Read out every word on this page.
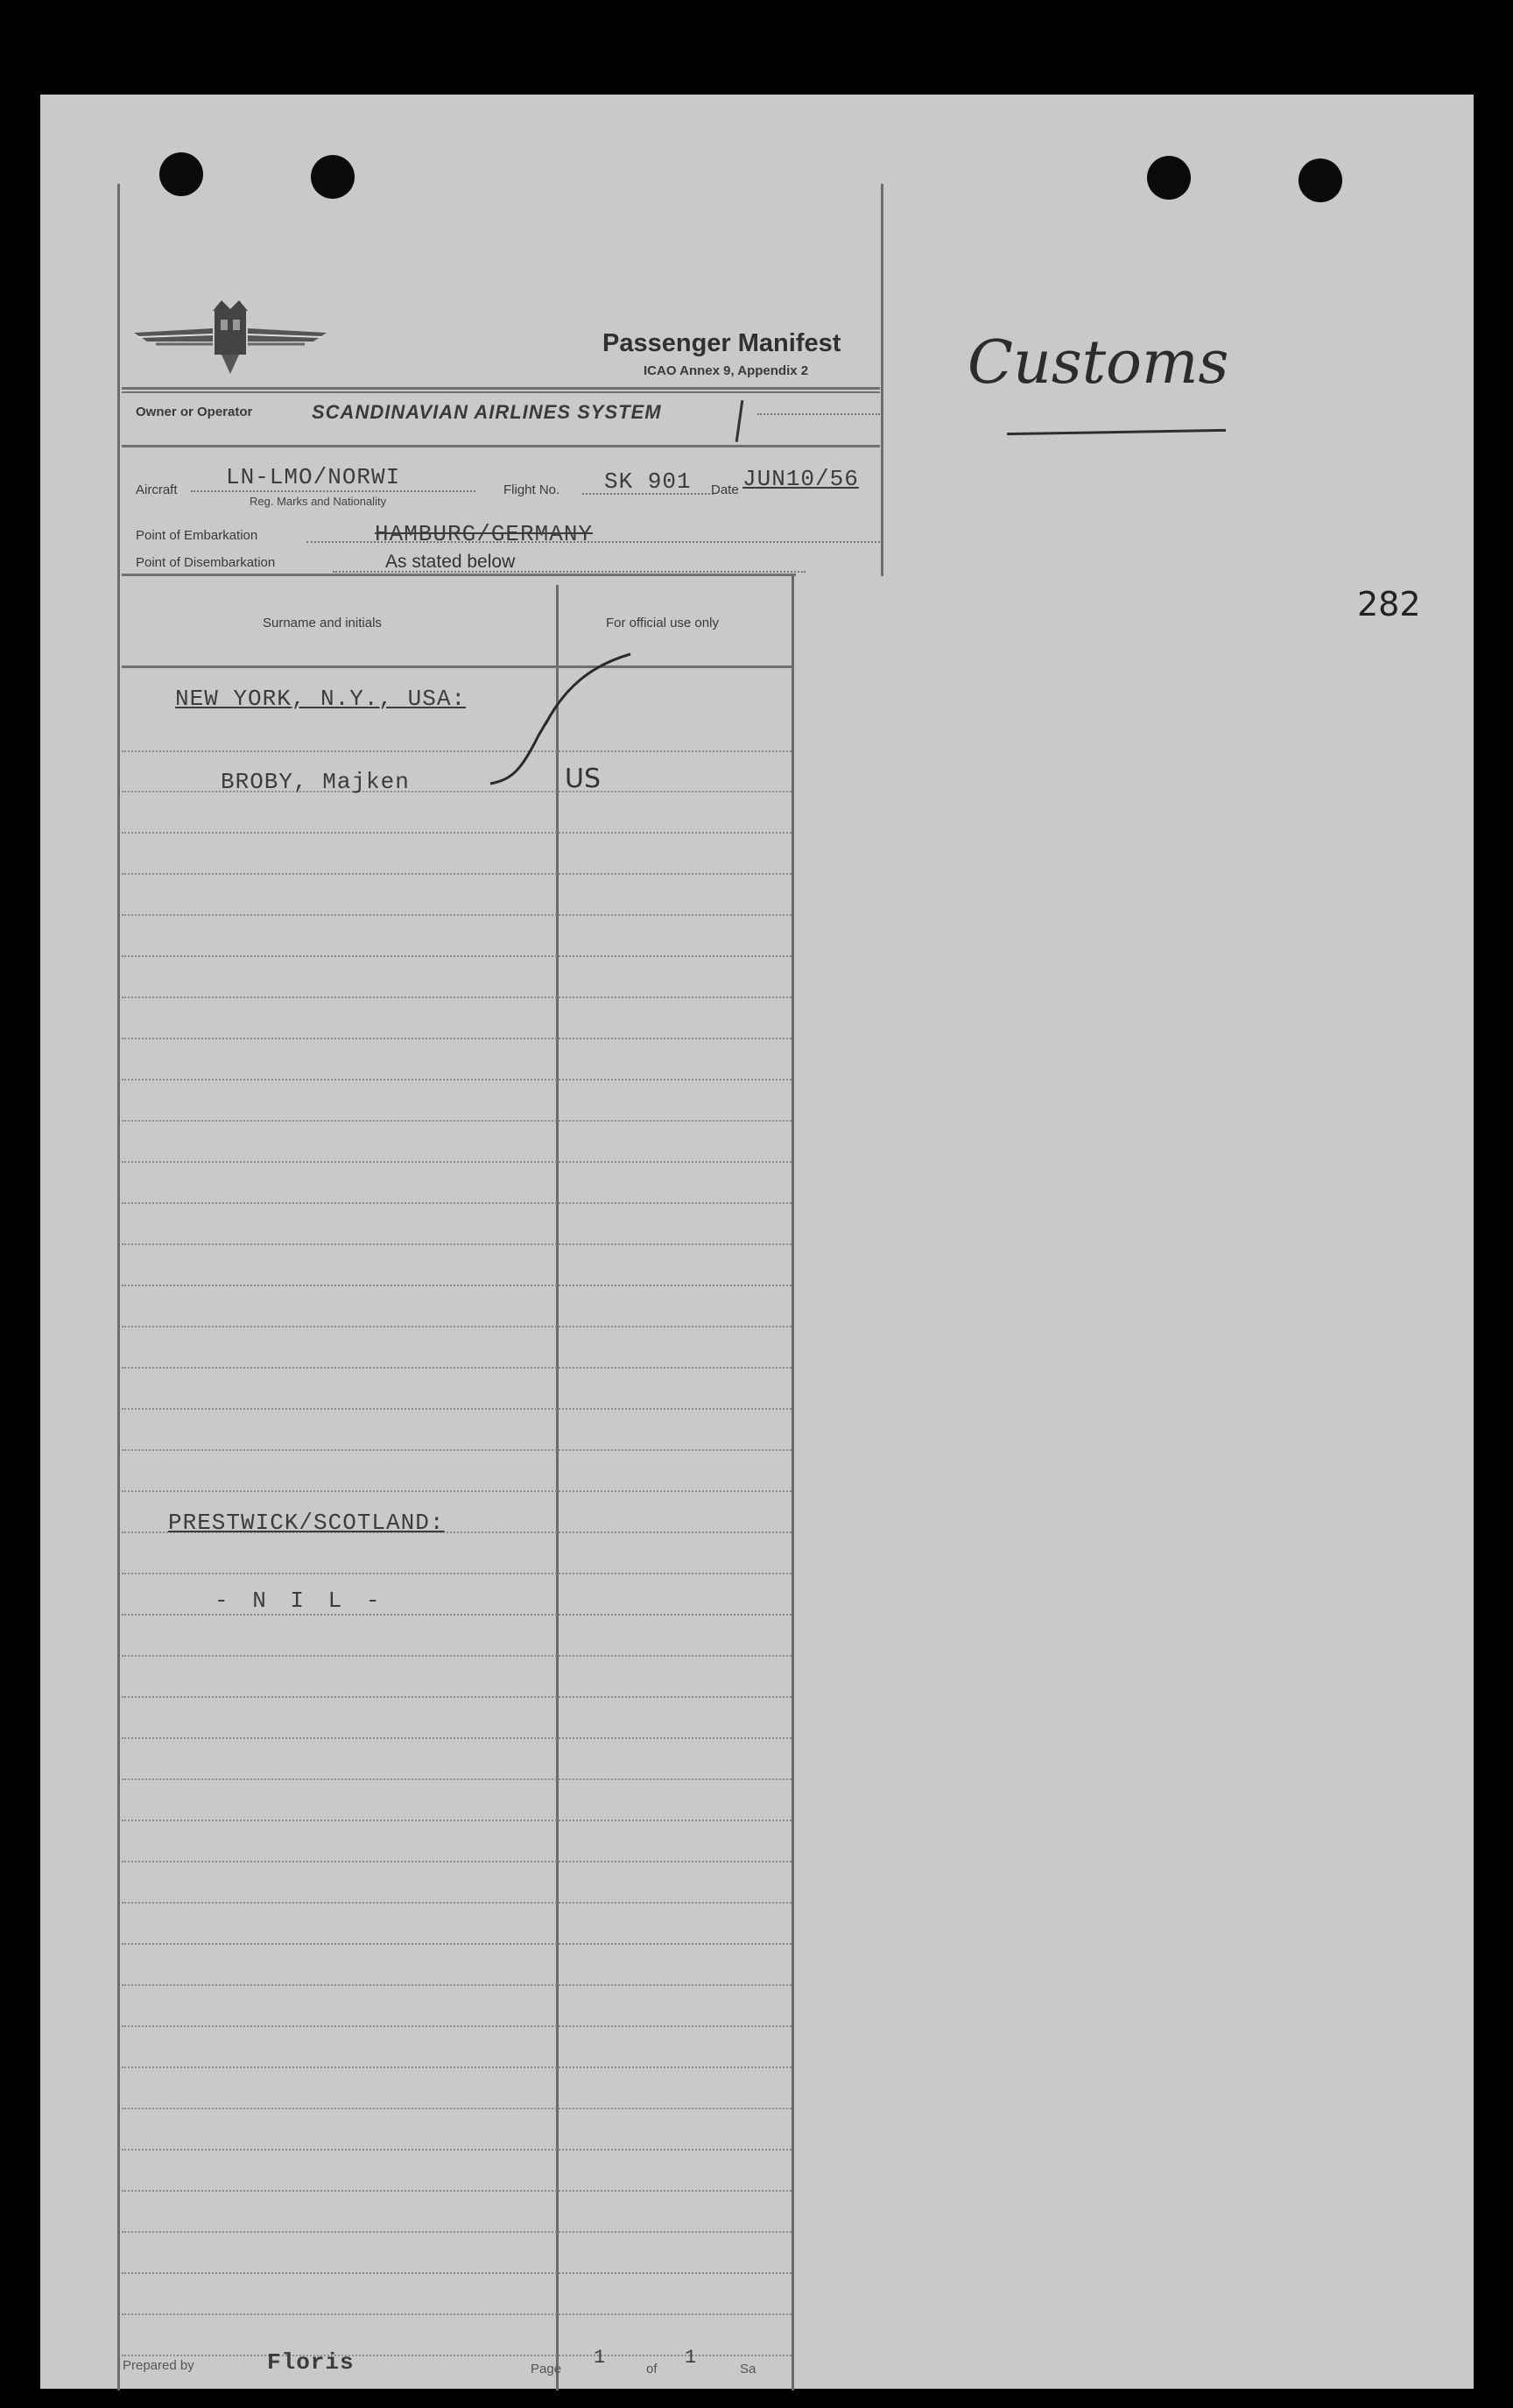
Passenger Manifest
ICAO Annex 9, Appendix 2	Customs
282
Owner or Operator	SCANDINAVIAN AIRLINES SYSTEM
Aircraft LN-LMO/NORWI
Reg. Marks and Nationality
Flight No. SK 901 Date JUN10/56
Point of Embarkation	HAMBURG/GERMANY
Point of Disembarkation	As stated below
Surname and initials	For official use only
NEW YORK, N.Y., USA:
BROBY, Majken	US
PRESTWICK/SCOTLAND:
- N I L -
Prepared by	Floris	Page
1
of
1
Sa
